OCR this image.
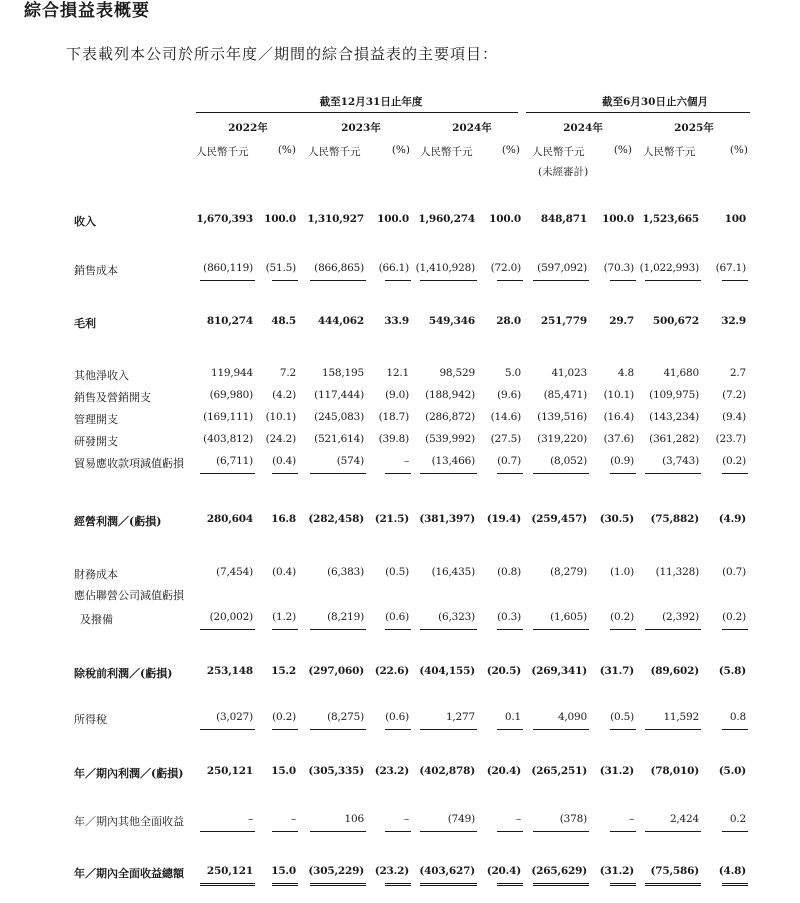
綜合損益表概要
下表載列本公司於所示年度／期間的綜合損益表的主要項目：
截至12月31日止年度	截至6月30日止六個月
2022年	2023年	2024年	2024年	2025年
人民幣千元	(%) 人民幣千元	(%) 人民幣千元	(%) 人民幣千元	(%) 人民幣千元	(%)
(未經審計)
收入	1,670,393 100.0 1,310,927 100.0 1,960,274 100.0 848,871 100.0 1,523,665 100
銷售成本	(860,119) (51.5) (866,865) (66.1) (1,410,928) (72.0) (597,092) (70.3) (1,022,993) (67.1)
毛利	810,274 48.5 444,062 33.9 549,346 28.0 251,779 29.7 500,672 32.9
其他淨收入	119,944	7.2 158,195 12.1	98,529	5.0	41,023	4.8	41,680	2.7
銷售及營銷開支	(69,980) (4.2) (117,444) (9.0) (188,942) (9.6) (85,471) (10.1) (109,975) (7.2)
管理開支	(169,111) (10.1) (245,083) (18.7) (286,872) (14.6) (139,516) (16.4) (143,234) (9.4)
研發開支	(403,812) (24.2) (521,614) (39.8) (539,992) (27.5) (319,220) (37.6) (361,282) (23.7)
貿易應收款項減值虧損	(6,711) (0.4)	(574)	– (13,466) (0.7)	(8,052) (0.9)	(3,743) (0.2)
經營利潤／(虧損)	280,604 16.8 (282,458) (21.5) (381,397) (19.4) (259,457) (30.5) (75,882) (4.9)
財務成本	(7,454) (0.4)	(6,383) (0.5) (16,435) (0.8)	(8,279) (1.0) (11,328) (0.7)
應佔聯營公司減值虧損
及撥備	(20,002) (1.2)	(8,219) (0.6)	(6,323) (0.3)	(1,605) (0.2)	(2,392) (0.2)
除稅前利潤／(虧損)	253,148 15.2 (297,060) (22.6) (404,155) (20.5) (269,341) (31.7) (89,602) (5.8)
所得稅	(3,027) (0.2)	(8,275) (0.6)	1,277	0.1	4,090 (0.5)	11,592	0.8
年／期內利潤／(虧損) 250,121 15.0 (305,335) (23.2) (402,878) (20.4) (265,251) (31.2) (78,010) (5.0)
年／期內其他全面收益	–	–	106	–	(749)	–	(378)	–	2,424	0.2
年／期內全面收益總額 250,121 15.0 (305,229) (23.2) (403,627) (20.4) (265,629) (31.2) (75,586) (4.8)
